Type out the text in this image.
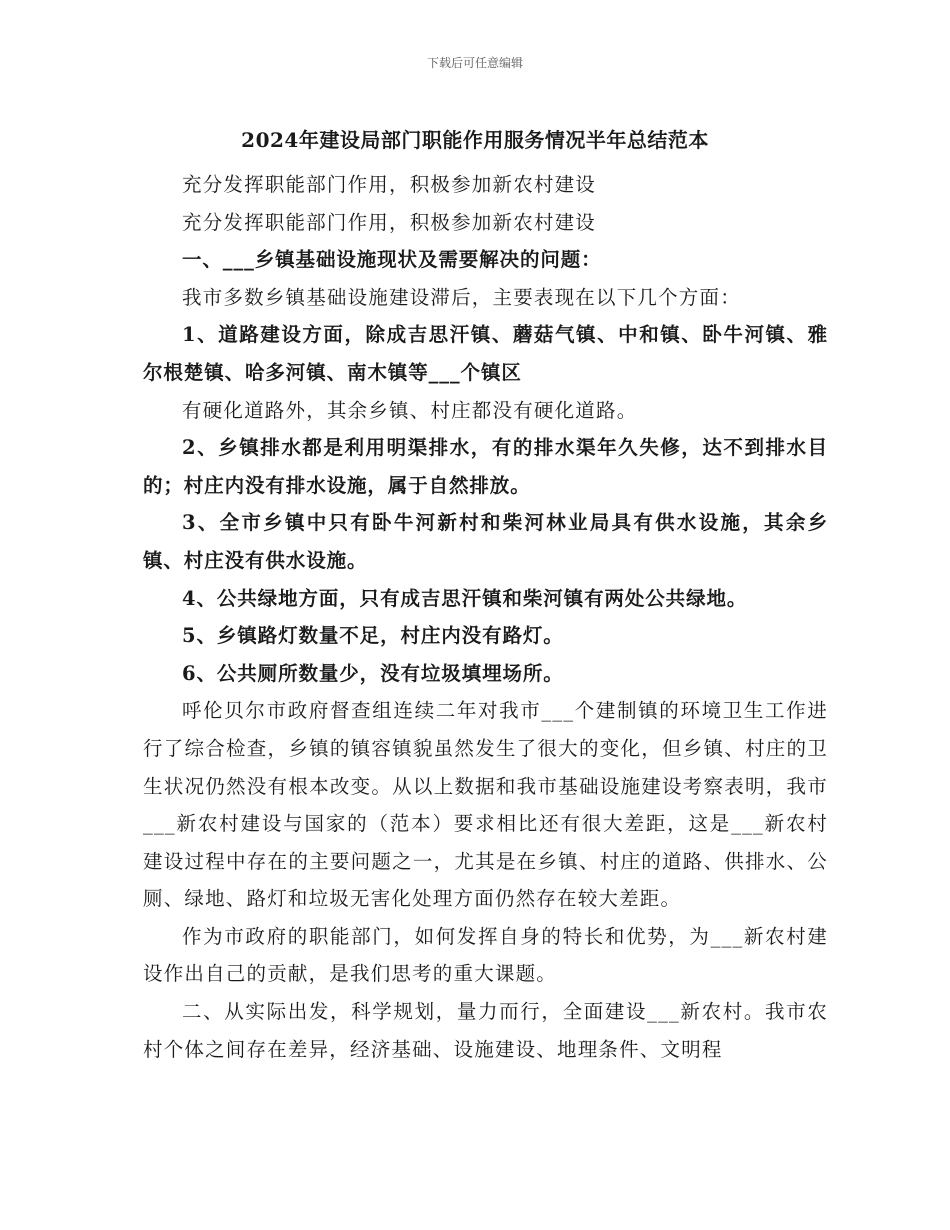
下载后可任意编辑
2024年建设局部门职能作用服务情况半年总结范本

充分发挥职能部门作用，积极参加新农村建设

充分发挥职能部门作用，积极参加新农村建设

一、___乡镇基础设施现状及需要解决的问题：

我市多数乡镇基础设施建设滞后，主要表现在以下几个方面：

1、道路建设方面，除成吉思汗镇、蘑菇气镇、中和镇、卧牛河镇、雅尔根楚镇、哈多河镇、南木镇等___个镇区

有硬化道路外，其余乡镇、村庄都没有硬化道路。

2、乡镇排水都是利用明渠排水，有的排水渠年久失修，达不到排水目的；村庄内没有排水设施，属于自然排放。

3、全市乡镇中只有卧牛河新村和柴河林业局具有供水设施，其余乡镇、村庄没有供水设施。

4、公共绿地方面，只有成吉思汗镇和柴河镇有两处公共绿地。

5、乡镇路灯数量不足，村庄内没有路灯。

6、公共厕所数量少，没有垃圾填埋场所。

呼伦贝尔市政府督查组连续二年对我市___个建制镇的环境卫生工作进行了综合检查，乡镇的镇容镇貌虽然发生了很大的变化，但乡镇、村庄的卫生状况仍然没有根本改变。从以上数据和我市基础设施建设考察表明，我市___新农村建设与国家的（范本）要求相比还有很大差距，这是___新农村建设过程中存在的主要问题之一，尤其是在乡镇、村庄的道路、供排水、公厕、绿地、路灯和垃圾无害化处理方面仍然存在较大差距。

作为市政府的职能部门，如何发挥自身的特长和优势，为___新农村建设作出自己的贡献，是我们思考的重大课题。

二、从实际出发，科学规划，量力而行，全面建设___新农村。我市农村个体之间存在差异，经济基础、设施建设、地理条件、文明程
